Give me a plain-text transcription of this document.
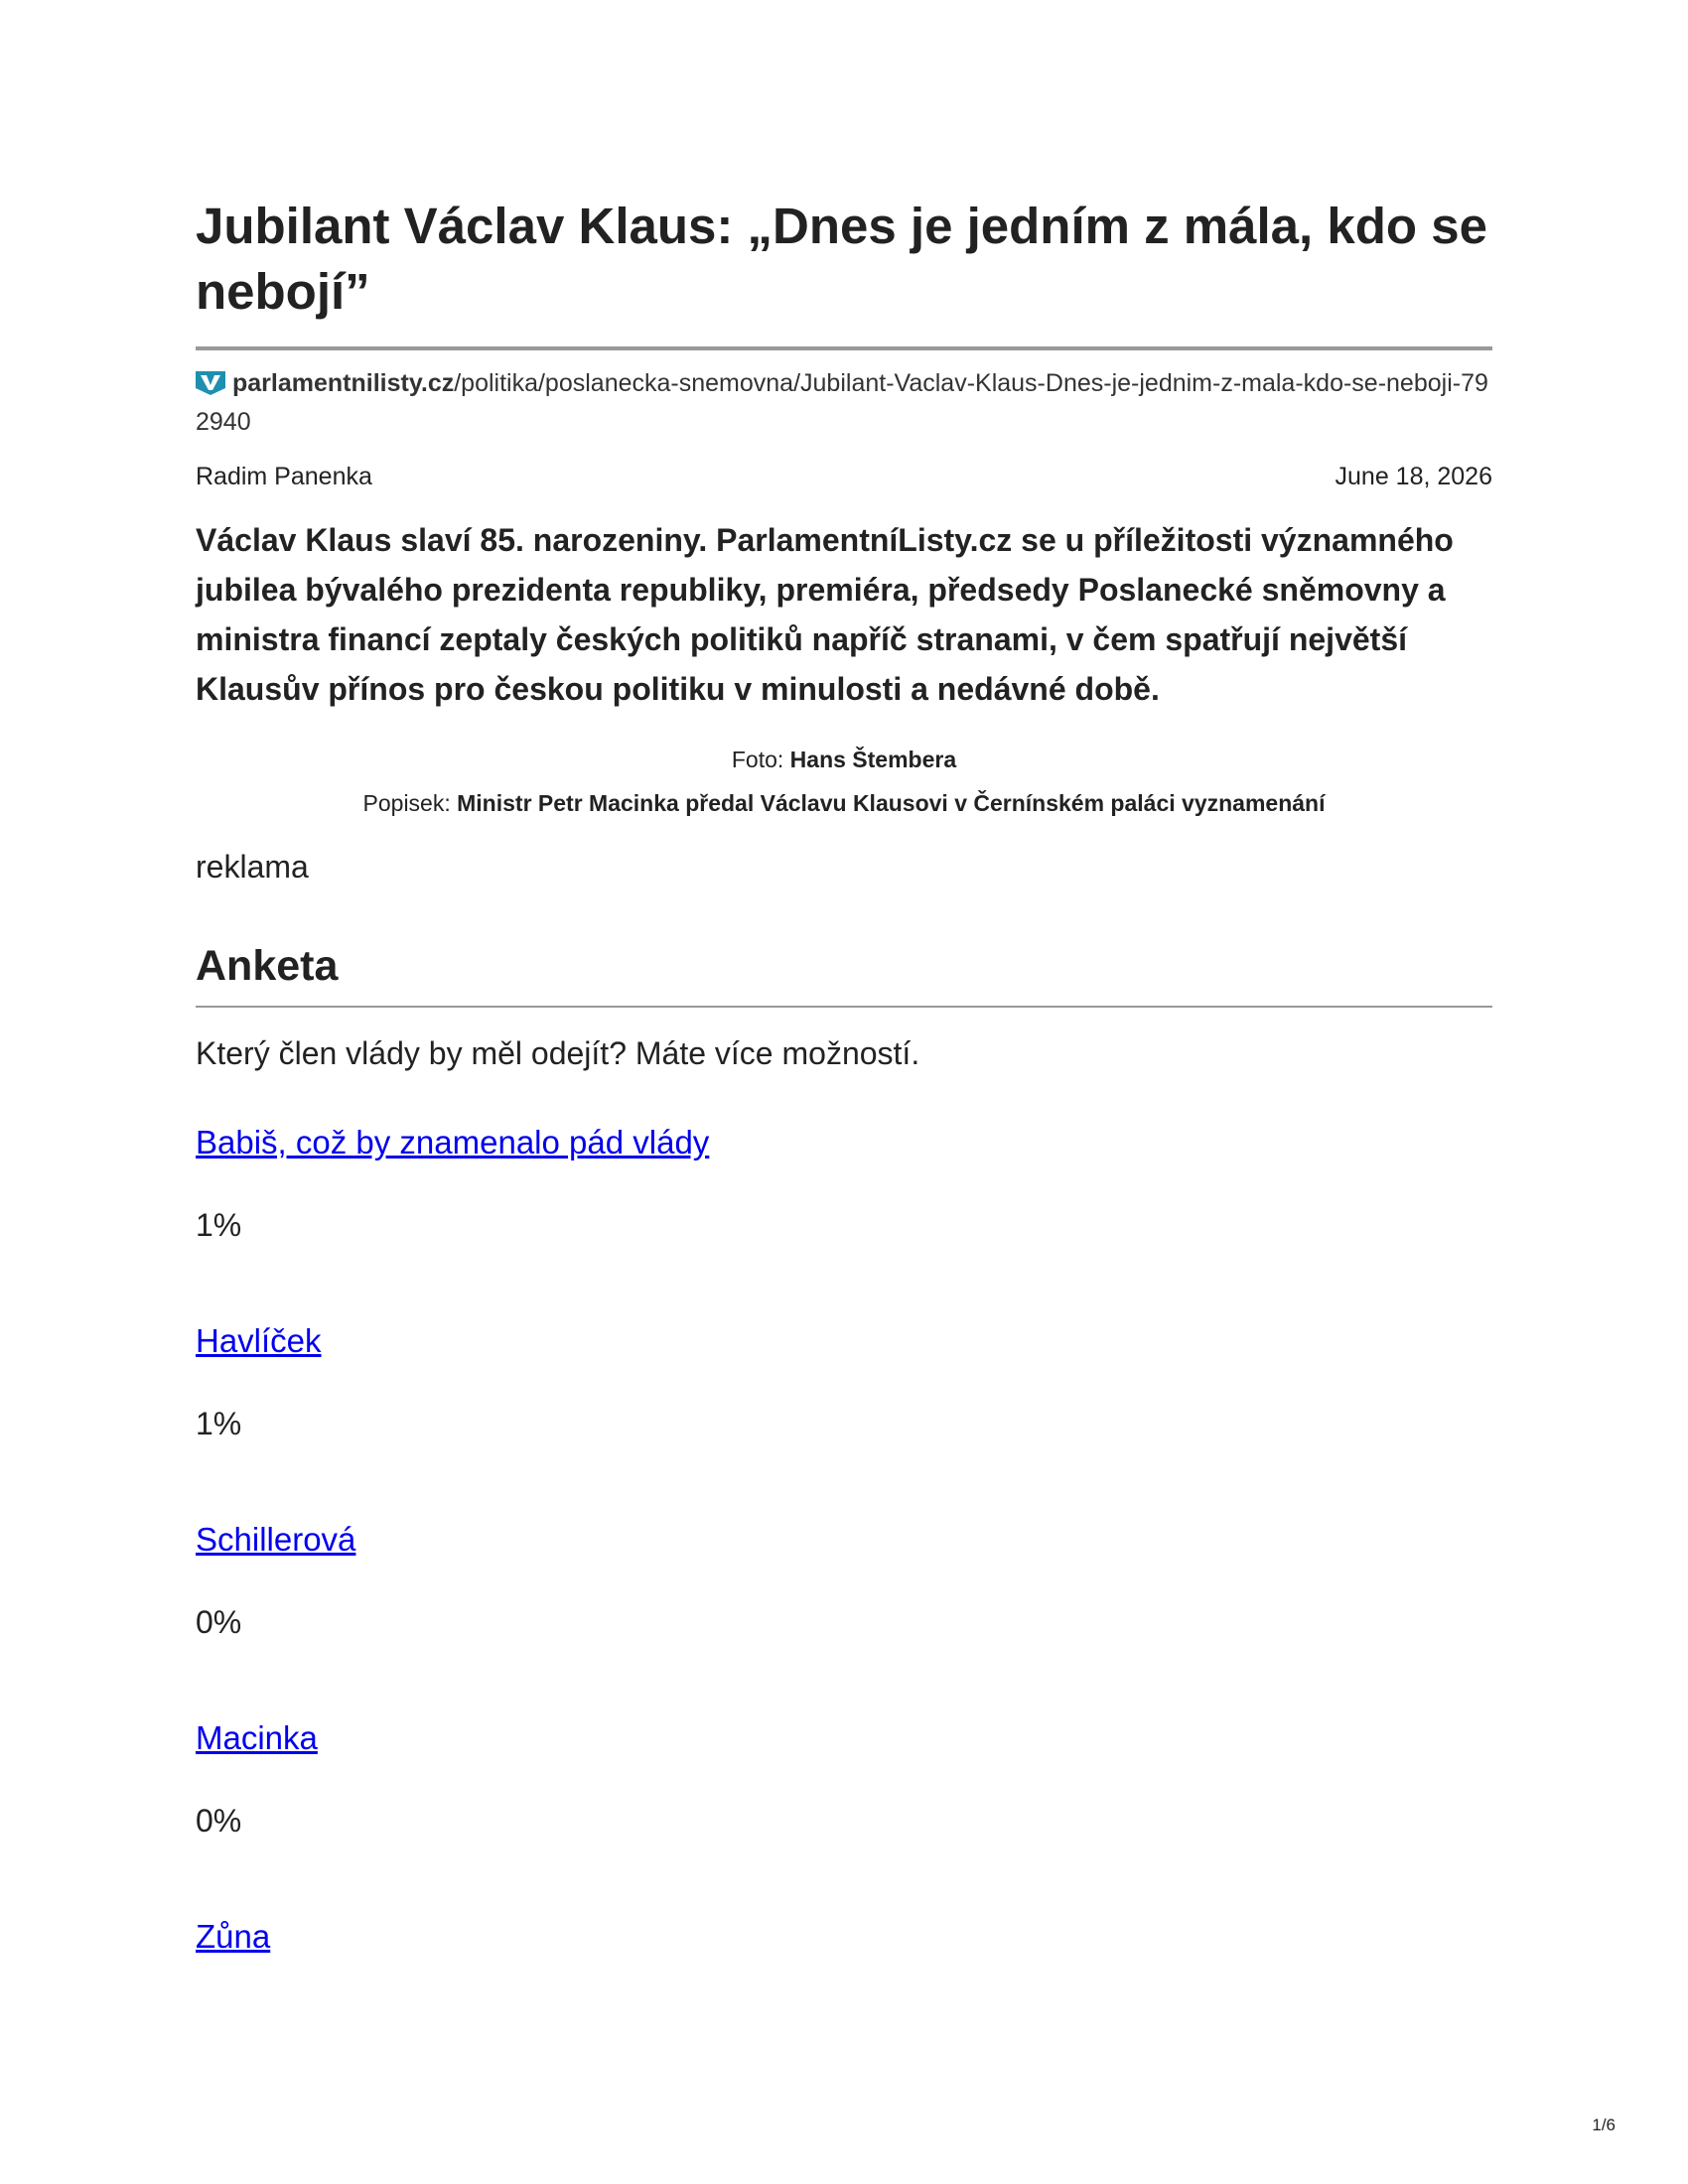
Jubilant Václav Klaus: „Dnes je jedním z mála, kdo se nebojí”
parlamentnilisty.cz/politika/poslanecka-snemovna/Jubilant-Vaclav-Klaus-Dnes-je-jednim-z-mala-kdo-se-neboji-792940
Radim Panenka	June 18, 2026
Václav Klaus slaví 85. narozeniny. ParlamentníListy.cz se u příležitosti významného jubilea bývalého prezidenta republiky, premiéra, předsedy Poslanecké sněmovny a ministra financí zeptaly českých politiků napříč stranami, v čem spatřují největší Klausův přínos pro českou politiku v minulosti a nedávné době.
Foto: Hans Štembera
Popisek: Ministr Petr Macinka předal Václavu Klausovi v Černínském paláci vyznamenání
reklama
Anketa
Který člen vlády by měl odejít? Máte více možností.
Babiš, což by znamenalo pád vlády
1%
Havlíček
1%
Schillerová
0%
Macinka
0%
Zůna
1/6
